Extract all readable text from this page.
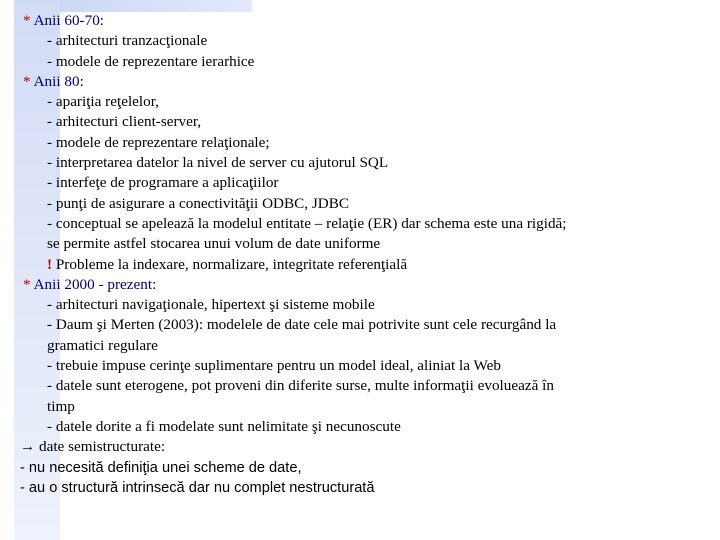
* Anii 60-70:
- arhitecturi tranzacţionale
- modele de reprezentare ierarhice
* Anii 80:
- apariţia reţelelor,
- arhitecturi client-server,
- modele de reprezentare relaţionale;
- interpretarea datelor la nivel de server cu ajutorul SQL
- interfeţe de programare a aplicaţiilor
- punţi de asigurare a conectivităţii ODBC, JDBC
- conceptual se apelează la modelul entitate – relaţie (ER) dar schema este una rigidă;
se permite astfel stocarea unui volum de date uniforme
! Probleme la indexare, normalizare, integritate referenţială
* Anii 2000 - prezent:
- arhitecturi navigaţionale, hipertext şi sisteme mobile
- Daum şi Merten (2003): modelele de date cele mai potrivite sunt cele recurgând la
gramatici regulare
- trebuie impuse cerinţe suplimentare pentru un model ideal, aliniat la Web
- datele sunt eterogene, pot proveni din diferite surse, multe informaţii evoluează în
timp
- datele dorite a fi modelate sunt nelimitate şi necunoscute
→ date semistructurate:
- nu necesită definiţia unei scheme de date,
- au o structură intrinsecă dar nu complet nestructurată
